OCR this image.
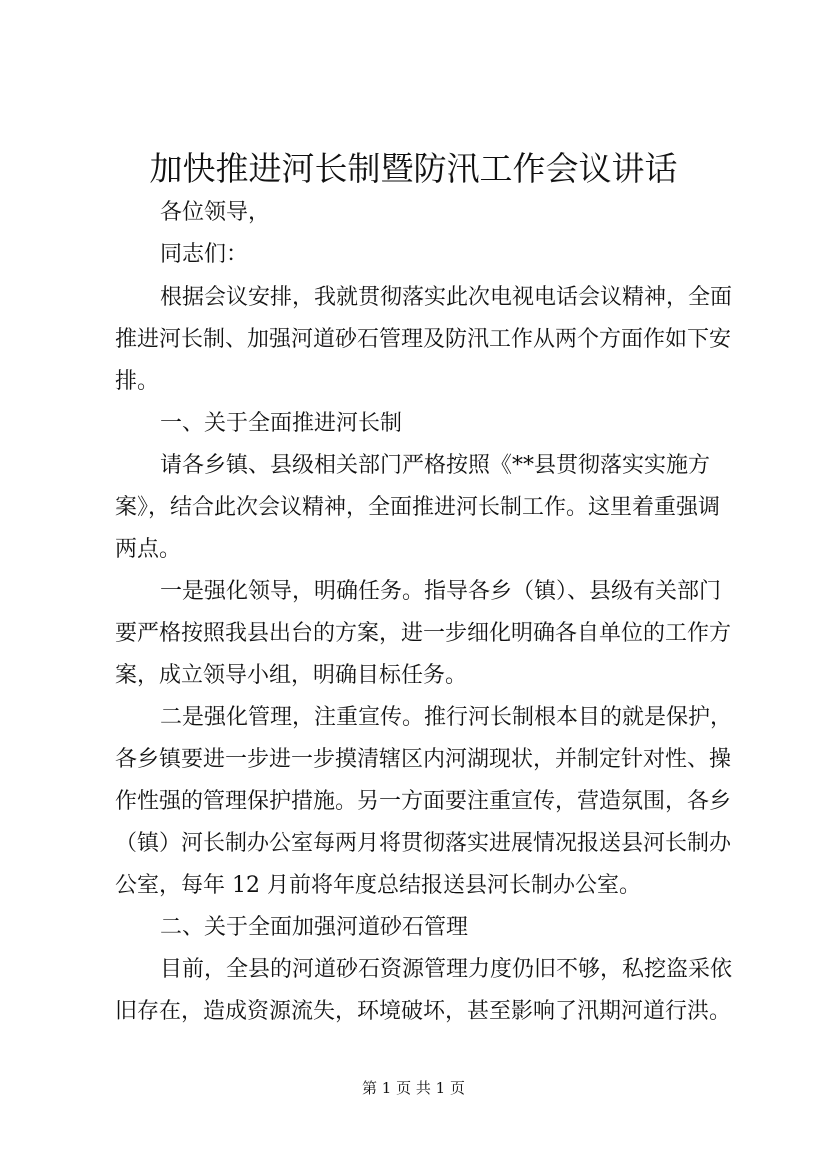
加快推进河长制暨防汛工作会议讲话

各位领导，

同志们：

根据会议安排，我就贯彻落实此次电视电话会议精神，全面

推进河长制、加强河道砂石管理及防汛工作从两个方面作如下安

排。

一、关于全面推进河长制

请各乡镇、县级相关部门严格按照《**县贯彻落实实施方

案》，结合此次会议精神，全面推进河长制工作。这里着重强调

两点。

一是强化领导，明确任务。指导各乡（镇）、县级有关部门

要严格按照我县出台的方案，进一步细化明确各自单位的工作方

案，成立领导小组，明确目标任务。

二是强化管理，注重宣传。推行河长制根本目的就是保护，

各乡镇要进一步进一步摸清辖区内河湖现状，并制定针对性、操

作性强的管理保护措施。另一方面要注重宣传，营造氛围，各乡

（镇）河长制办公室每两月将贯彻落实进展情况报送县河长制办

公室，每年 12 月前将年度总结报送县河长制办公室。

二、关于全面加强河道砂石管理

目前，全县的河道砂石资源管理力度仍旧不够，私挖盗采依

旧存在，造成资源流失，环境破坏，甚至影响了汛期河道行洪。

第 1 页 共 1 页
